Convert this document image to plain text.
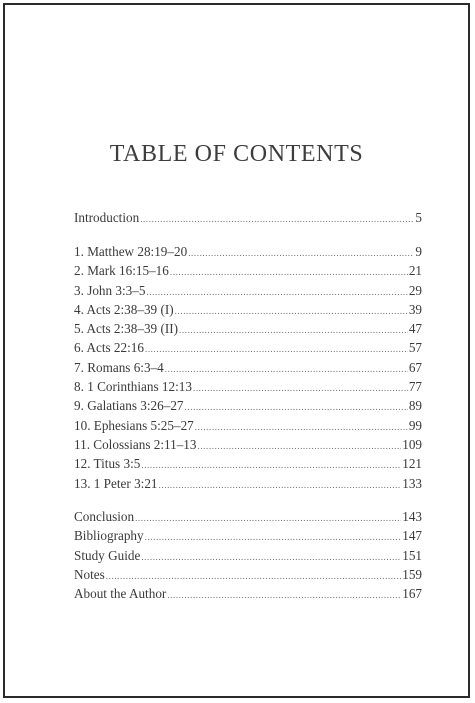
TABLE OF CONTENTS
Introduction .....	5
1. Matthew 28:19–20 .....	9
2. Mark 16:15–16 .....	21
3. John 3:3–5 .....	29
4. Acts 2:38–39 (I) .....	39
5. Acts 2:38–39 (II) .....	47
6. Acts 22:16 .....	57
7. Romans 6:3–4 .....	67
8. 1 Corinthians 12:13 .....	77
9. Galatians 3:26–27 .....	89
10. Ephesians 5:25–27 .....	99
11. Colossians 2:11–13 .....	109
12. Titus 3:5 .....	121
13. 1 Peter 3:21 .....	133
Conclusion .....	143
Bibliography .....	147
Study Guide .....	151
Notes .....	159
About the Author .....	167
